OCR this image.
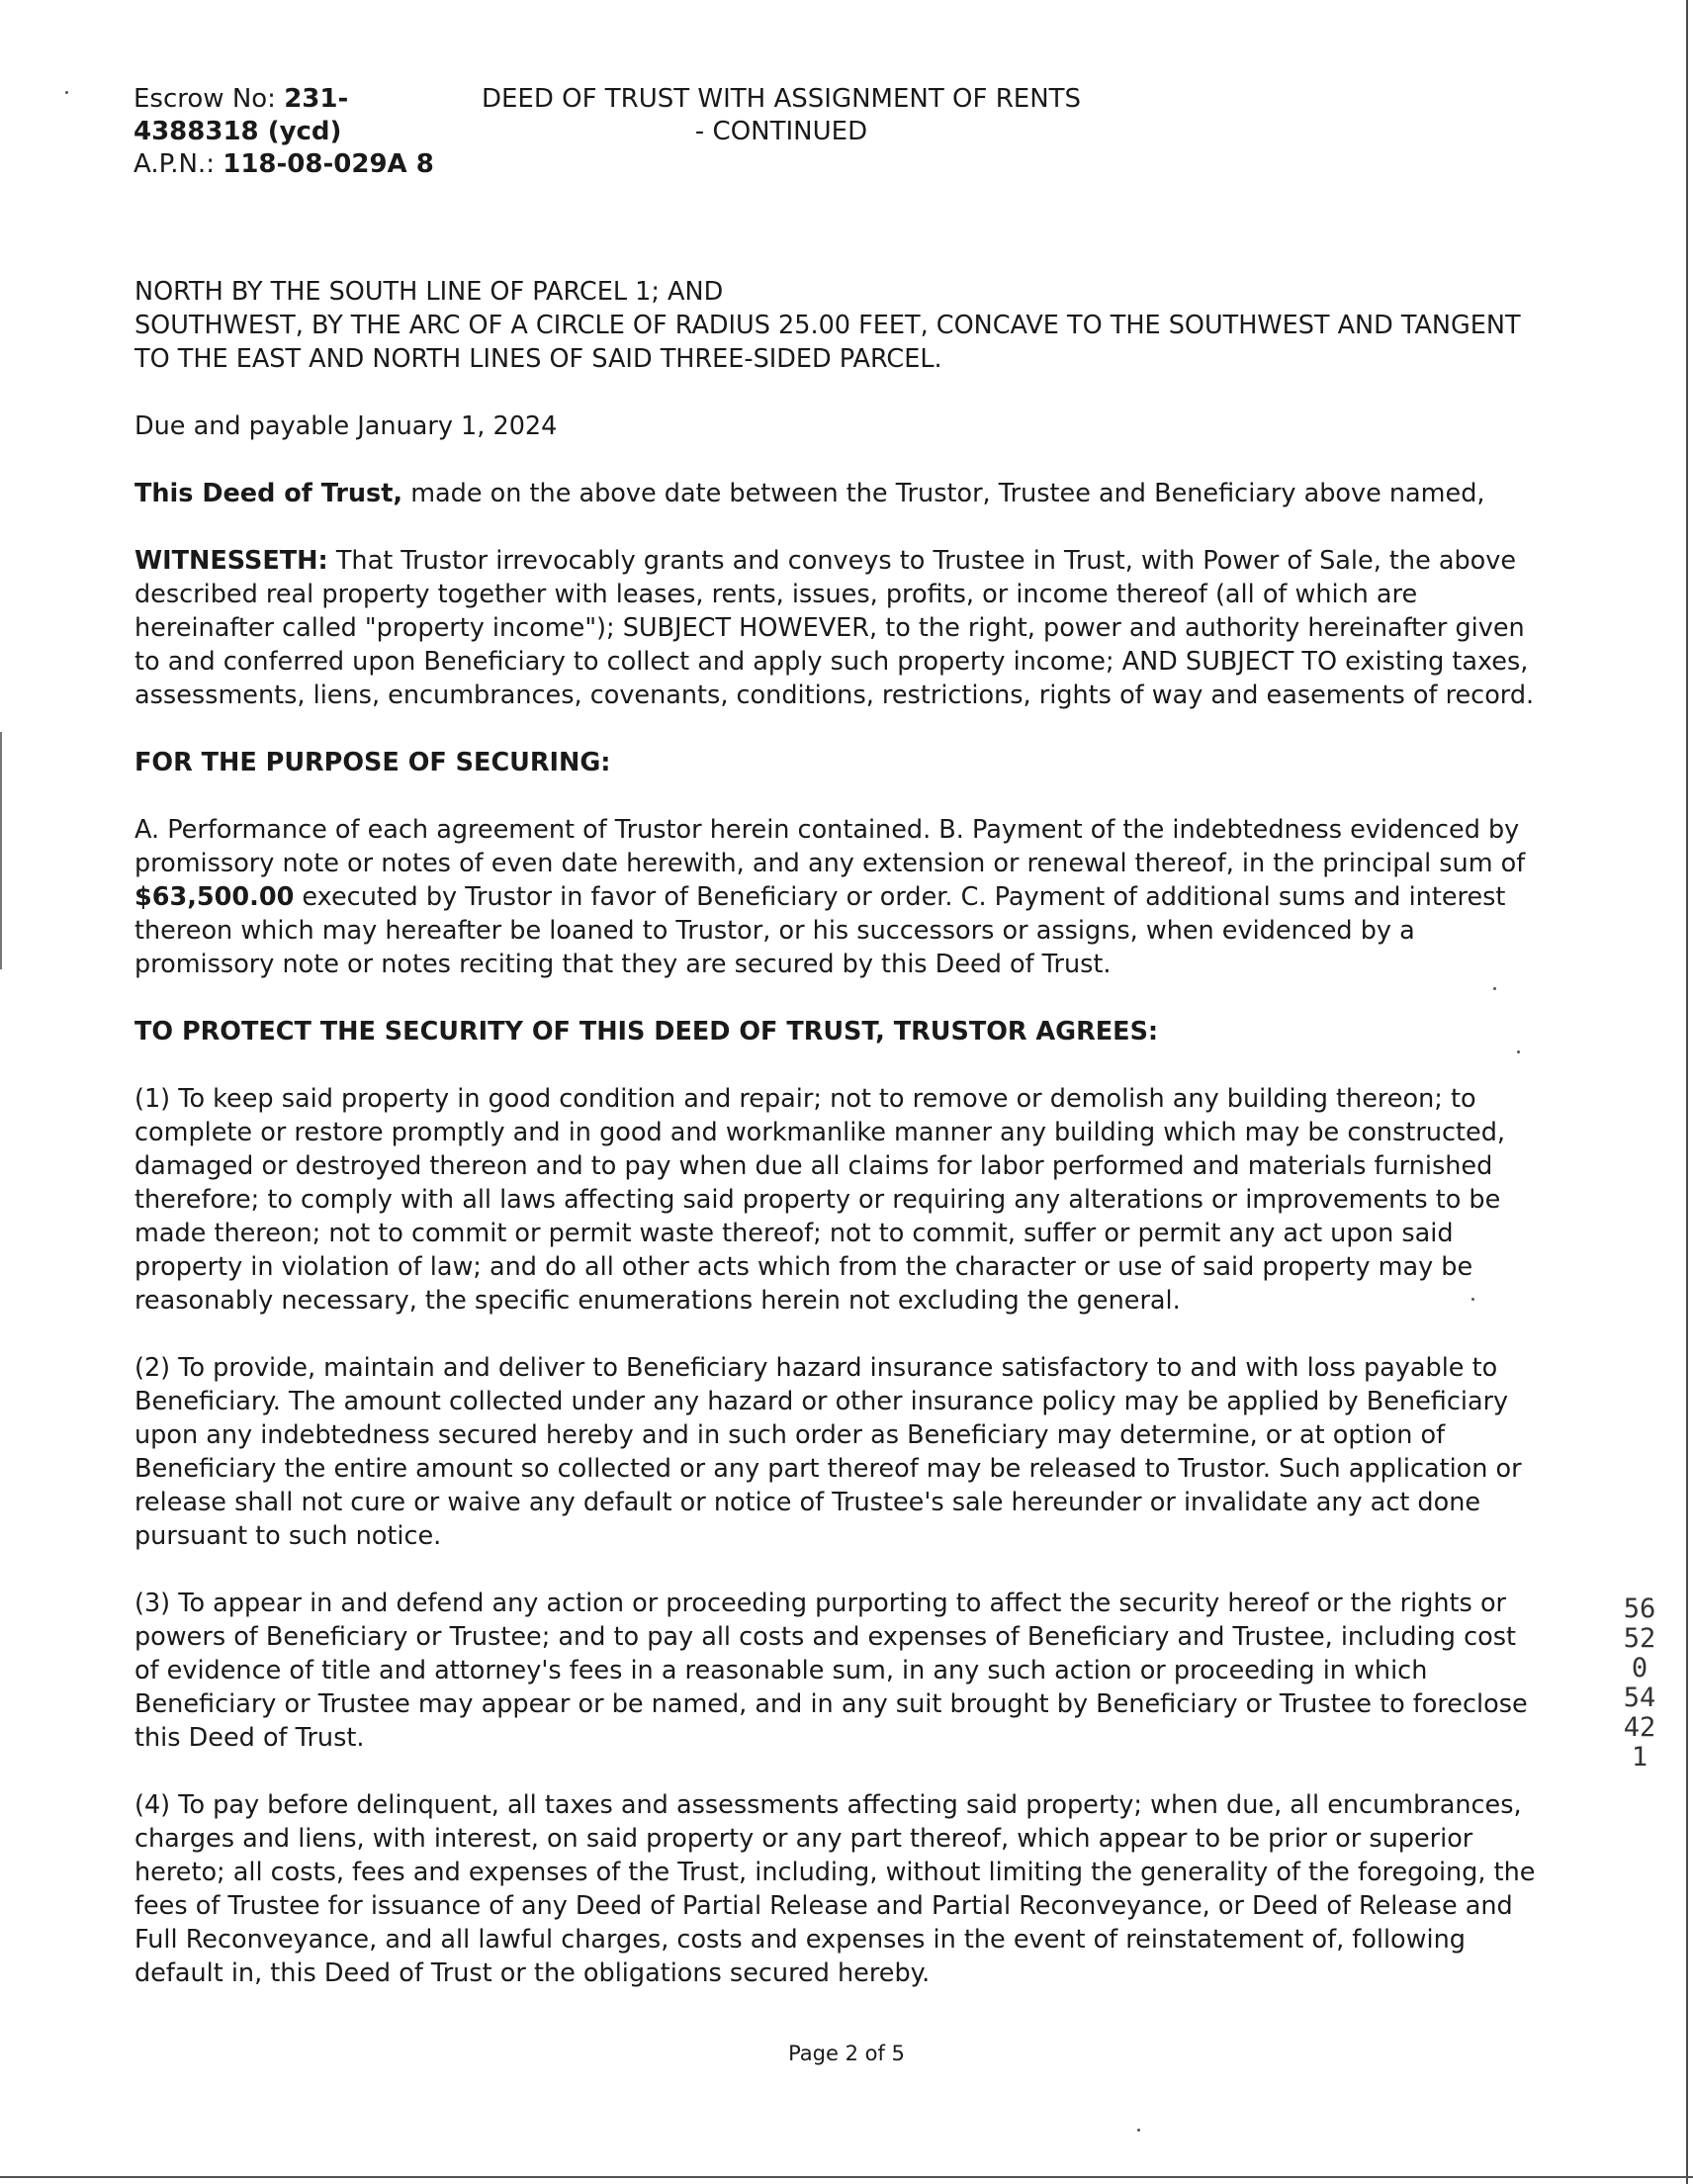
Escrow No: 231-
4388318 (ycd)
A.P.N.: 118-08-029A 8
DEED OF TRUST WITH ASSIGNMENT OF RENTS
- CONTINUED

NORTH BY THE SOUTH LINE OF PARCEL 1; AND

SOUTHWEST, BY THE ARC OF A CIRCLE OF RADIUS 25.00 FEET, CONCAVE TO THE SOUTHWEST AND TANGENT TO THE EAST AND NORTH LINES OF SAID THREE-SIDED PARCEL.

Due and payable January 1, 2024

This Deed of Trust, made on the above date between the Trustor, Trustee and Beneficiary above named,

WITNESSETH: That Trustor irrevocably grants and conveys to Trustee in Trust, with Power of Sale, the above described real property together with leases, rents, issues, profits, or income thereof (all of which are hereinafter called "property income"); SUBJECT HOWEVER, to the right, power and authority hereinafter given to and conferred upon Beneficiary to collect and apply such property income; AND SUBJECT TO existing taxes, assessments, liens, encumbrances, covenants, conditions, restrictions, rights of way and easements of record.

FOR THE PURPOSE OF SECURING:

A. Performance of each agreement of Trustor herein contained. B. Payment of the indebtedness evidenced by promissory note or notes of even date herewith, and any extension or renewal thereof, in the principal sum of $63,500.00 executed by Trustor in favor of Beneficiary or order. C. Payment of additional sums and interest thereon which may hereafter be loaned to Trustor, or his successors or assigns, when evidenced by a promissory note or notes reciting that they are secured by this Deed of Trust.

TO PROTECT THE SECURITY OF THIS DEED OF TRUST, TRUSTOR AGREES:

(1) To keep said property in good condition and repair; not to remove or demolish any building thereon; to complete or restore promptly and in good and workmanlike manner any building which may be constructed, damaged or destroyed thereon and to pay when due all claims for labor performed and materials furnished therefore; to comply with all laws affecting said property or requiring any alterations or improvements to be made thereon; not to commit or permit waste thereof; not to commit, suffer or permit any act upon said property in violation of law; and do all other acts which from the character or use of said property may be reasonably necessary, the specific enumerations herein not excluding the general.

(2) To provide, maintain and deliver to Beneficiary hazard insurance satisfactory to and with loss payable to Beneficiary. The amount collected under any hazard or other insurance policy may be applied by Beneficiary upon any indebtedness secured hereby and in such order as Beneficiary may determine, or at option of Beneficiary the entire amount so collected or any part thereof may be released to Trustor. Such application or release shall not cure or waive any default or notice of Trustee's sale hereunder or invalidate any act done pursuant to such notice.

(3) To appear in and defend any action or proceeding purporting to affect the security hereof or the rights or powers of Beneficiary or Trustee; and to pay all costs and expenses of Beneficiary and Trustee, including cost of evidence of title and attorney's fees in a reasonable sum, in any such action or proceeding in which Beneficiary or Trustee may appear or be named, and in any suit brought by Beneficiary or Trustee to foreclose this Deed of Trust.

(4) To pay before delinquent, all taxes and assessments affecting said property; when due, all encumbrances, charges and liens, with interest, on said property or any part thereof, which appear to be prior or superior hereto; all costs, fees and expenses of the Trust, including, without limiting the generality of the foregoing, the fees of Trustee for issuance of any Deed of Partial Release and Partial Reconveyance, or Deed of Release and Full Reconveyance, and all lawful charges, costs and expenses in the event of reinstatement of, following default in, this Deed of Trust or the obligations secured hereby.

56520 54421
Page 2 of 5
